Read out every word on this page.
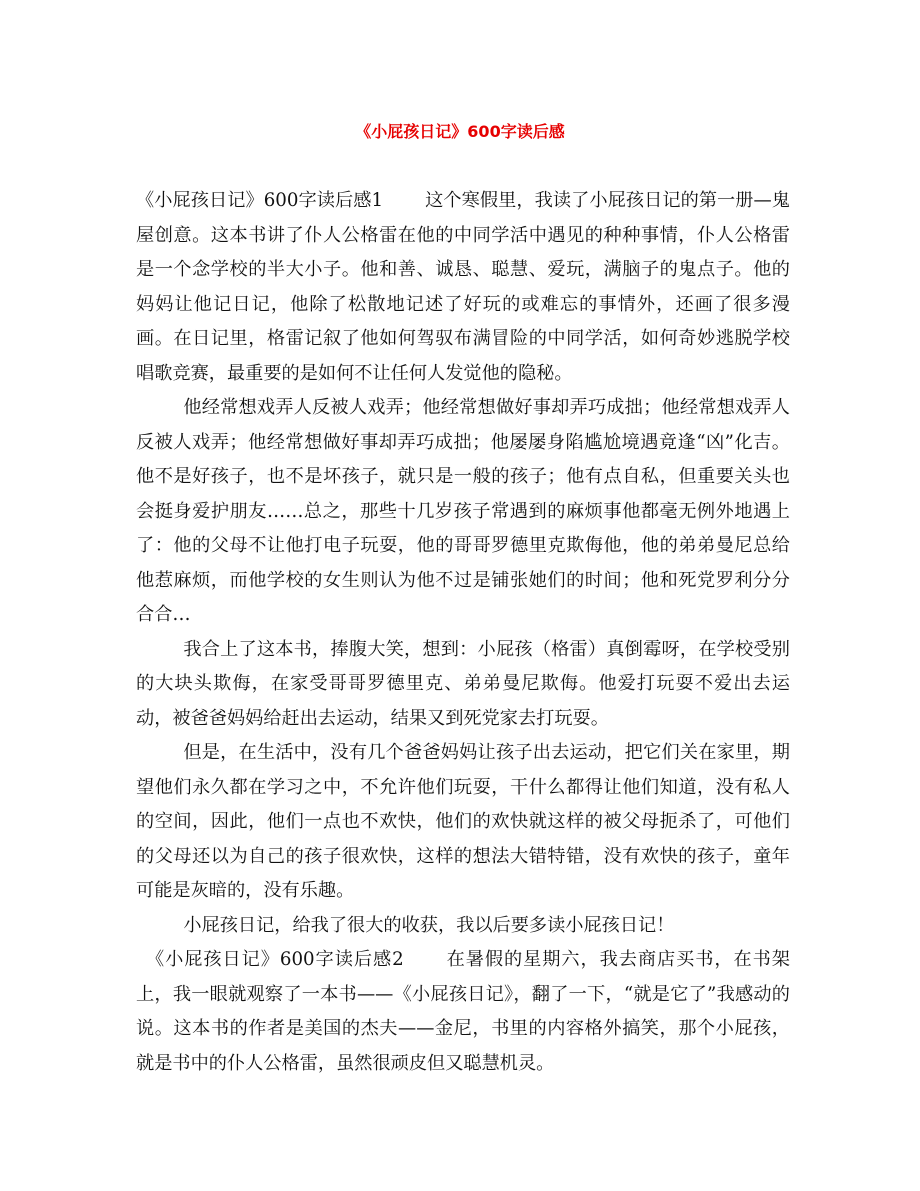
《小屁孩日记》600字读后感

《小屁孩日记》600字读后感1 这个寒假里，我读了小屁孩日记的第一册—鬼屋创意。这本书讲了仆人公格雷在他的中同学活中遇见的种种事情，仆人公格雷是一个念学校的半大小子。他和善、诚恳、聪慧、爱玩，满脑子的鬼点子。他的妈妈让他记日记，他除了松散地记述了好玩的或难忘的事情外，还画了很多漫画。在日记里，格雷记叙了他如何驾驭布满冒险的中同学活，如何奇妙逃脱学校唱歌竞赛，最重要的是如何不让任何人发觉他的隐秘。

他经常想戏弄人反被人戏弄；他经常想做好事却弄巧成拙；他经常想戏弄人反被人戏弄；他经常想做好事却弄巧成拙；他屡屡身陷尴尬境遇竟逢“凶”化吉。他不是好孩子，也不是坏孩子，就只是一般的孩子；他有点自私，但重要关头也会挺身爱护朋友……总之，那些十几岁孩子常遇到的麻烦事他都毫无例外地遇上了：他的父母不让他打电子玩耍，他的哥哥罗德里克欺侮他，他的弟弟曼尼总给他惹麻烦，而他学校的女生则认为他不过是铺张她们的时间；他和死党罗利分分合合…

我合上了这本书，捧腹大笑，想到：小屁孩（格雷）真倒霉呀，在学校受别的大块头欺侮，在家受哥哥罗德里克、弟弟曼尼欺侮。他爱打玩耍不爱出去运动，被爸爸妈妈给赶出去运动，结果又到死党家去打玩耍。

但是，在生活中，没有几个爸爸妈妈让孩子出去运动，把它们关在家里，期望他们永久都在学习之中，不允许他们玩耍，干什么都得让他们知道，没有私人的空间，因此，他们一点也不欢快，他们的欢快就这样的被父母扼杀了，可他们的父母还以为自己的孩子很欢快，这样的想法大错特错，没有欢快的孩子，童年可能是灰暗的，没有乐趣。

小屁孩日记，给我了很大的收获，我以后要多读小屁孩日记！

《小屁孩日记》600字读后感2 在暑假的星期六，我去商店买书，在书架上，我一眼就观察了一本书——《小屁孩日记》，翻了一下，“就是它了”我感动的说。这本书的作者是美国的杰夫——金尼，书里的内容格外搞笑，那个小屁孩，就是书中的仆人公格雷，虽然很顽皮但又聪慧机灵。
